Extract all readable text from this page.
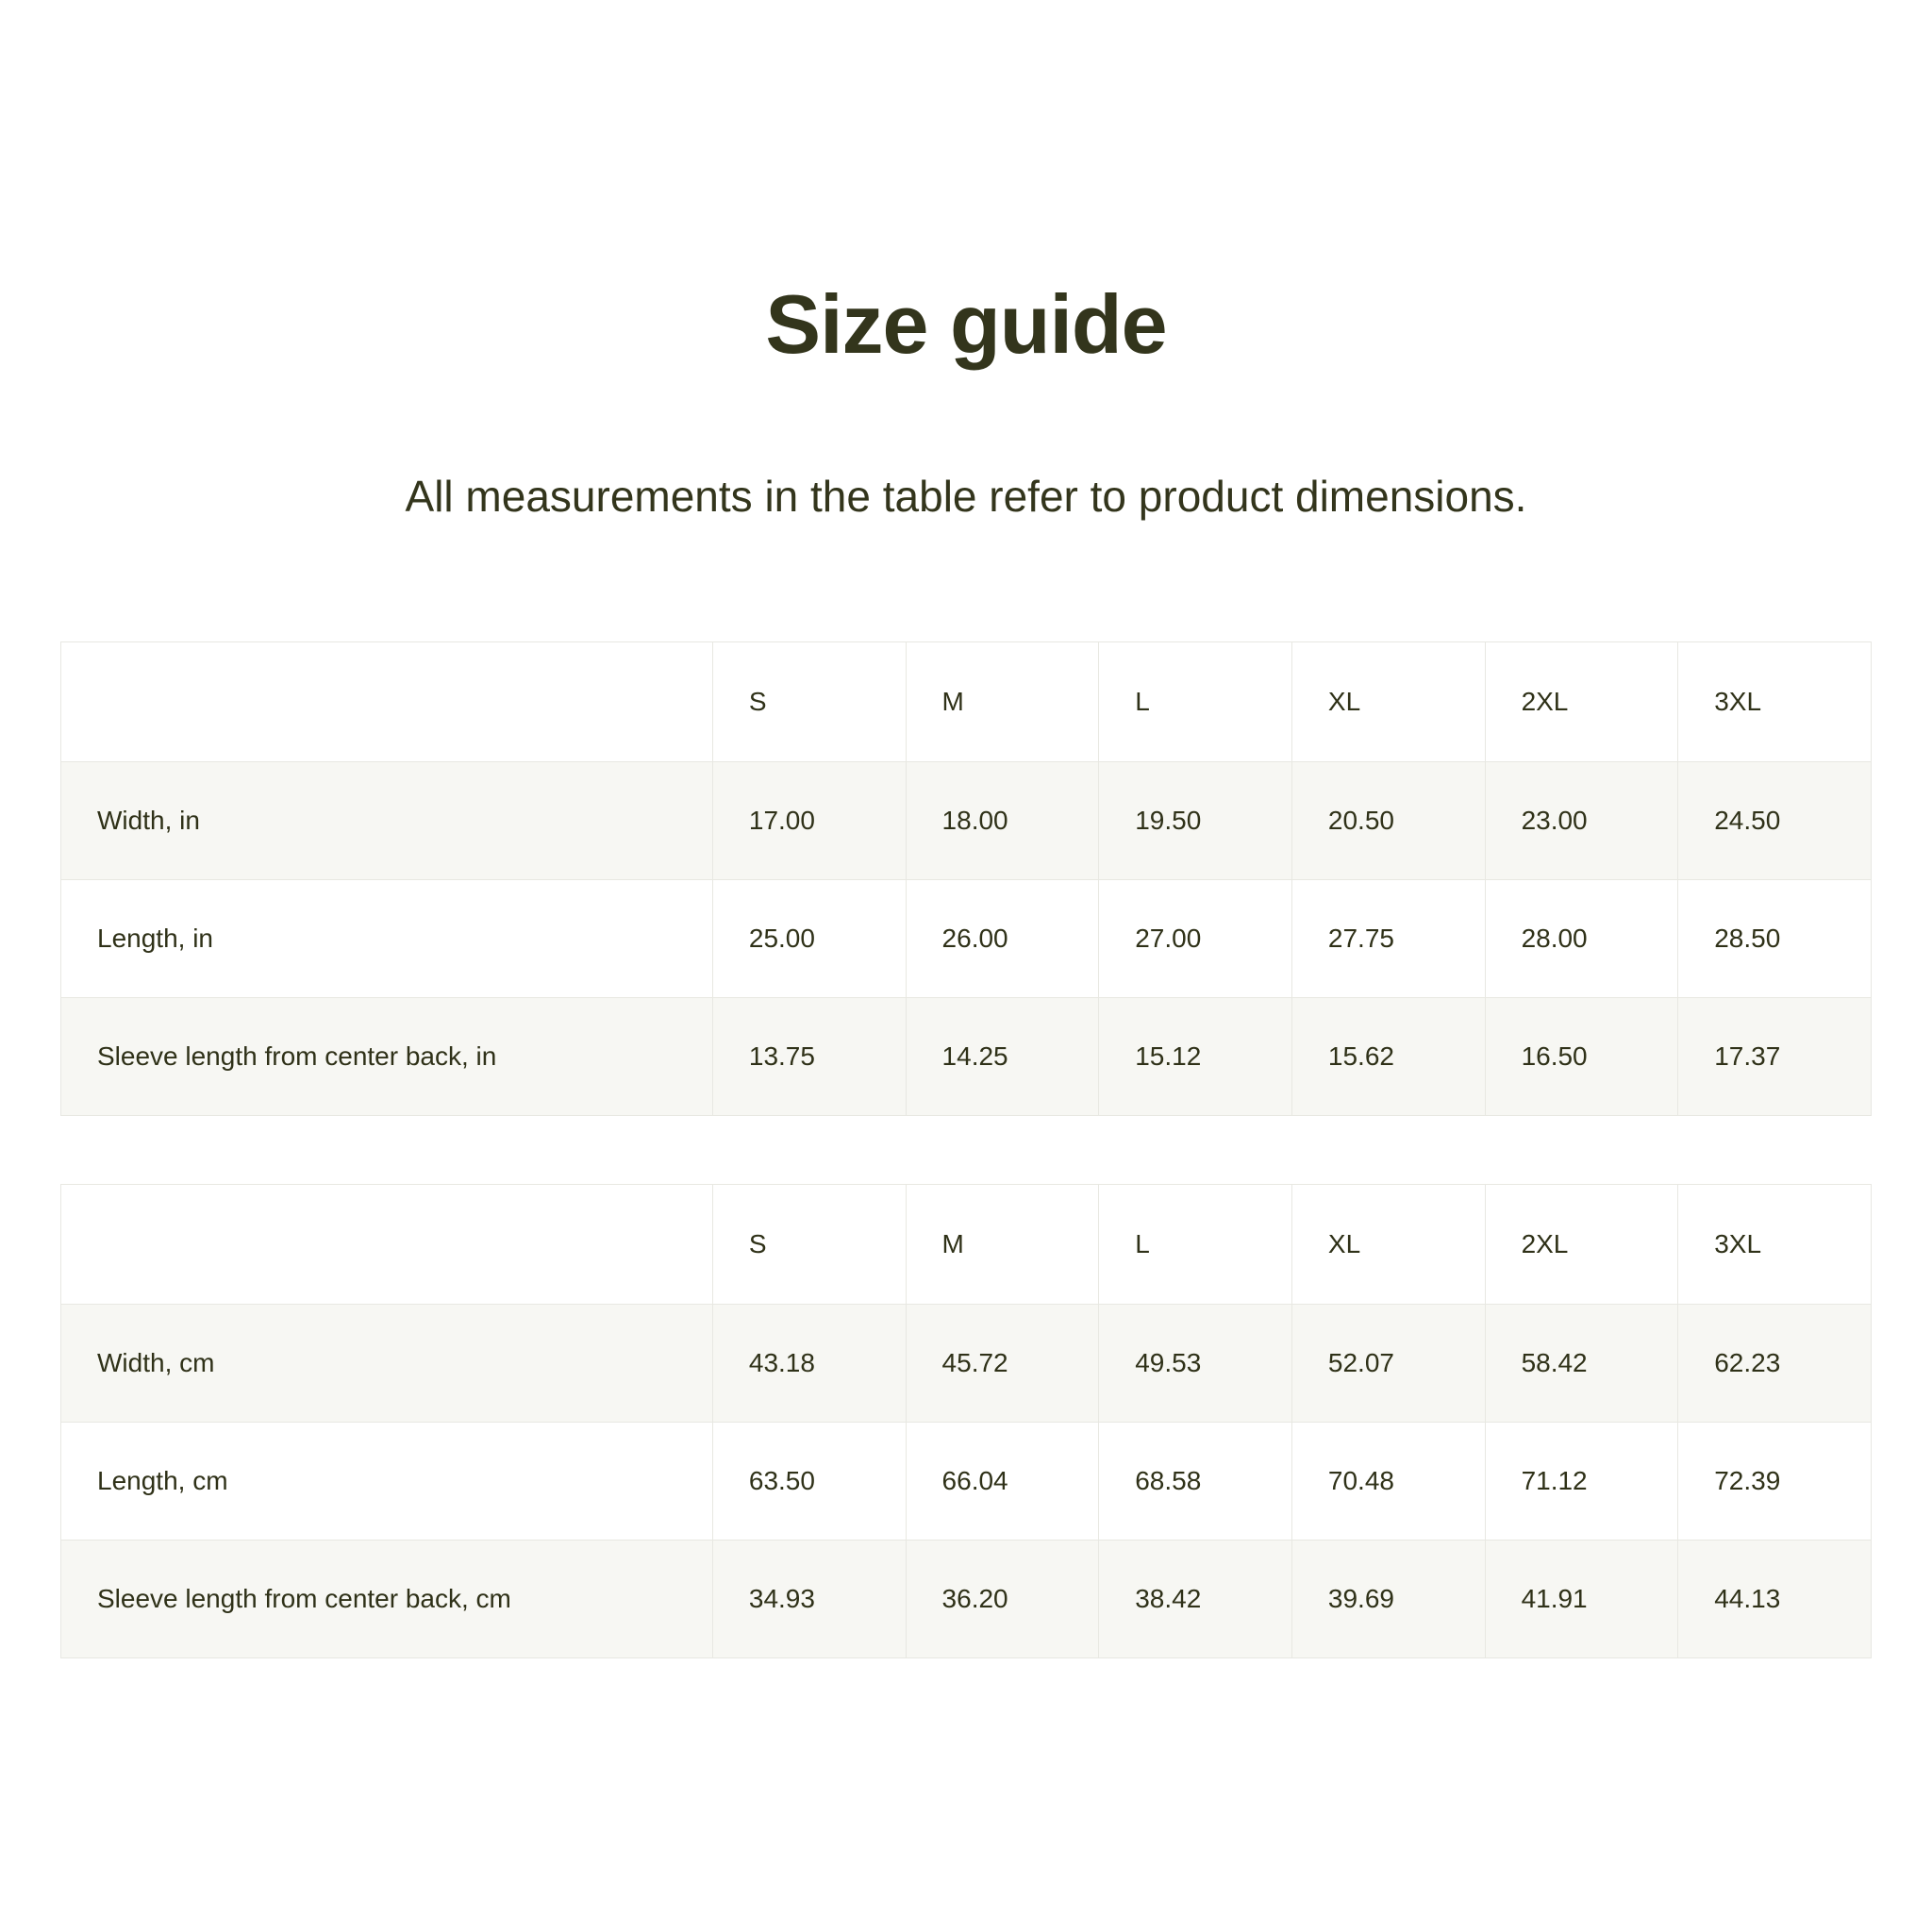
Size guide

All measurements in the table refer to product dimensions.

	S	M	L	XL	2XL	3XL
Width, in	17.00	18.00	19.50	20.50	23.00	24.50
Length, in	25.00	26.00	27.00	27.75	28.00	28.50
Sleeve length from center back, in	13.75	14.25	15.12	15.62	16.50	17.37
	S	M	L	XL	2XL	3XL
Width, cm	43.18	45.72	49.53	52.07	58.42	62.23
Length, cm	63.50	66.04	68.58	70.48	71.12	72.39
Sleeve length from center back, cm	34.93	36.20	38.42	39.69	41.91	44.13
